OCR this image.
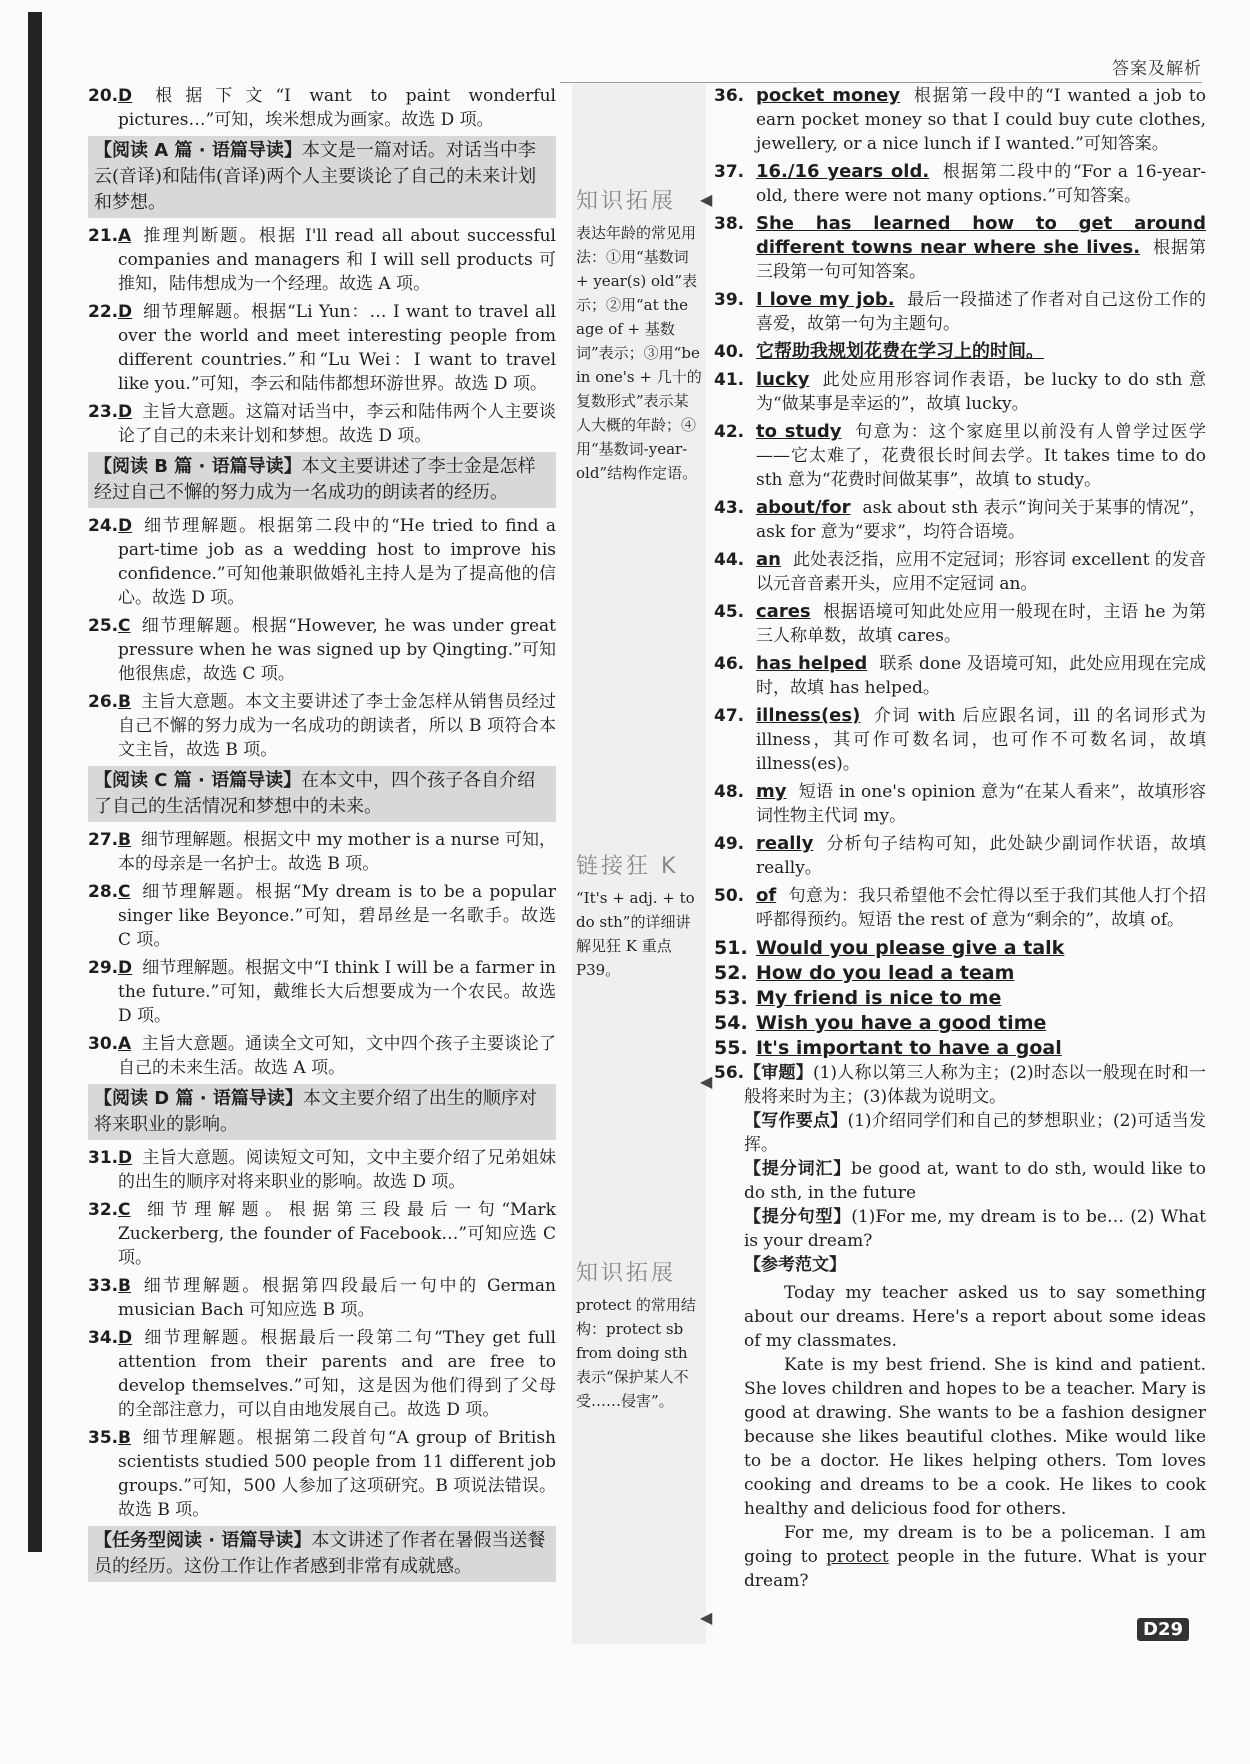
答案及解析
20. D 根据下文“I want to paint wonderful pictures…”可知，埃米想成为画家。故选 D 项。
【阅读 A 篇 · 语篇导读】本文是一篇对话。对话当中李云(音译)和陆伟(音译)两个人主要谈论了自己的未来计划和梦想。
21. A 推理判断题。根据 I'll read all about successful companies and managers 和 I will sell products 可推知，陆伟想成为一个经理。故选 A 项。
22. D 细节理解题。根据“Li Yun：… I want to travel all over the world and meet interesting people from different countries.”和“Lu Wei：I want to travel like you.”可知，李云和陆伟都想环游世界。故选 D 项。
23. D 主旨大意题。这篇对话当中，李云和陆伟两个人主要谈论了自己的未来计划和梦想。故选 D 项。
【阅读 B 篇 · 语篇导读】本文主要讲述了李士金是怎样经过自己不懈的努力成为一名成功的朗读者的经历。
24. D 细节理解题。根据第二段中的“He tried to find a part-time job as a wedding host to improve his confidence.”可知他兼职做婚礼主持人是为了提高他的信心。故选 D 项。
25. C 细节理解题。根据“However, he was under great pressure when he was signed up by Qingting.”可知他很焦虑，故选 C 项。
26. B 主旨大意题。本文主要讲述了李士金怎样从销售员经过自己不懈的努力成为一名成功的朗读者，所以 B 项符合本文主旨，故选 B 项。
【阅读 C 篇 · 语篇导读】在本文中，四个孩子各自介绍了自己的生活情况和梦想中的未来。
27. B 细节理解题。根据文中 my mother is a nurse 可知，本的母亲是一名护士。故选 B 项。
28. C 细节理解题。根据“My dream is to be a popular singer like Beyonce.”可知，碧昂丝是一名歌手。故选 C 项。
29. D 细节理解题。根据文中“I think I will be a farmer in the future.”可知，戴维长大后想要成为一个农民。故选 D 项。
30. A 主旨大意题。通读全文可知，文中四个孩子主要谈论了自己的未来生活。故选 A 项。
【阅读 D 篇 · 语篇导读】本文主要介绍了出生的顺序对将来职业的影响。
31. D 主旨大意题。阅读短文可知，文中主要介绍了兄弟姐妹的出生的顺序对将来职业的影响。故选 D 项。
32. C 细节理解题。根据第三段最后一句“Mark Zuckerberg, the founder of Facebook…”可知应选 C 项。
33. B 细节理解题。根据第四段最后一句中的 German musician Bach 可知应选 B 项。
34. D 细节理解题。根据最后一段第二句“They get full attention from their parents and are free to develop themselves.”可知，这是因为他们得到了父母的全部注意力，可以自由地发展自己。故选 D 项。
35. B 细节理解题。根据第二段首句“A group of British scientists studied 500 people from 11 different job groups.”可知，500 人参加了这项研究。B 项说法错误。故选 B 项。
【任务型阅读 · 语篇导读】本文讲述了作者在暑假当送餐员的经历。这份工作让作者感到非常有成就感。
知识拓展
表达年龄的常见用法：①用“基数词 + year(s) old”表示；②用“at the age of + 基数词”表示；③用“be in one's + 几十的复数形式”表示某人大概的年龄；④用“基数词-year-old”结构作定语。
链接狂 K
“It's + adj. + to do sth”的详细讲解见狂 K 重点 P39。
知识拓展
protect 的常用结构：protect sb from doing sth 表示“保护某人不受……侵害”。
36. pocket money 根据第一段中的“I wanted a job to earn pocket money so that I could buy cute clothes, jewellery, or a nice lunch if I wanted.”可知答案。
37. 16./16 years old. 根据第二段中的“For a 16-year-old, there were not many options.”可知答案。
38. She has learned how to get around different towns near where she lives. 根据第三段第一句可知答案。
39. I love my job. 最后一段描述了作者对自己这份工作的喜爱，故第一句为主题句。
40. 它帮助我规划花费在学习上的时间。
41. lucky 此处应用形容词作表语，be lucky to do sth 意为“做某事是幸运的”，故填 lucky。
42. to study 句意为：这个家庭里以前没有人曾学过医学——它太难了，花费很长时间去学。It takes time to do sth 意为“花费时间做某事”，故填 to study。
43. about/for ask about sth 表示“询问关于某事的情况”，ask for 意为“要求”，均符合语境。
44. an 此处表泛指，应用不定冠词；形容词 excellent 的发音以元音音素开头，应用不定冠词 an。
45. cares 根据语境可知此处应用一般现在时，主语 he 为第三人称单数，故填 cares。
46. has helped 联系 done 及语境可知，此处应用现在完成时，故填 has helped。
47. illness(es) 介词 with 后应跟名词，ill 的名词形式为 illness，其可作可数名词，也可作不可数名词，故填 illness(es)。
48. my 短语 in one's opinion 意为“在某人看来”，故填形容词性物主代词 my。
49. really 分析句子结构可知，此处缺少副词作状语，故填 really。
50. of 句意为：我只希望他不会忙得以至于我们其他人打个招呼都得预约。短语 the rest of 意为“剩余的”，故填 of。
51. Would you please give a talk
52. How do you lead a team
53. My friend is nice to me
54. Wish you have a good time
55. It's important to have a goal
56. 【审题】(1)人称以第三人称为主；(2)时态以一般现在时和一般将来时为主；(3)体裁为说明文。
【写作要点】(1)介绍同学们和自己的梦想职业；(2)可适当发挥。
【提分词汇】be good at, want to do sth, would like to do sth, in the future
【提分句型】(1)For me, my dream is to be… (2) What is your dream?
【参考范文】

Today my teacher asked us to say something about our dreams. Here's a report about some ideas of my classmates.

Kate is my best friend. She is kind and patient. She loves children and hopes to be a teacher. Mary is good at drawing. She wants to be a fashion designer because she likes beautiful clothes. Mike would like to be a doctor. He likes helping others. Tom loves cooking and dreams to be a cook. He likes to cook healthy and delicious food for others.

For me, my dream is to be a policeman. I am going to protect people in the future. What is your dream?

◀
◀
◀
D29
